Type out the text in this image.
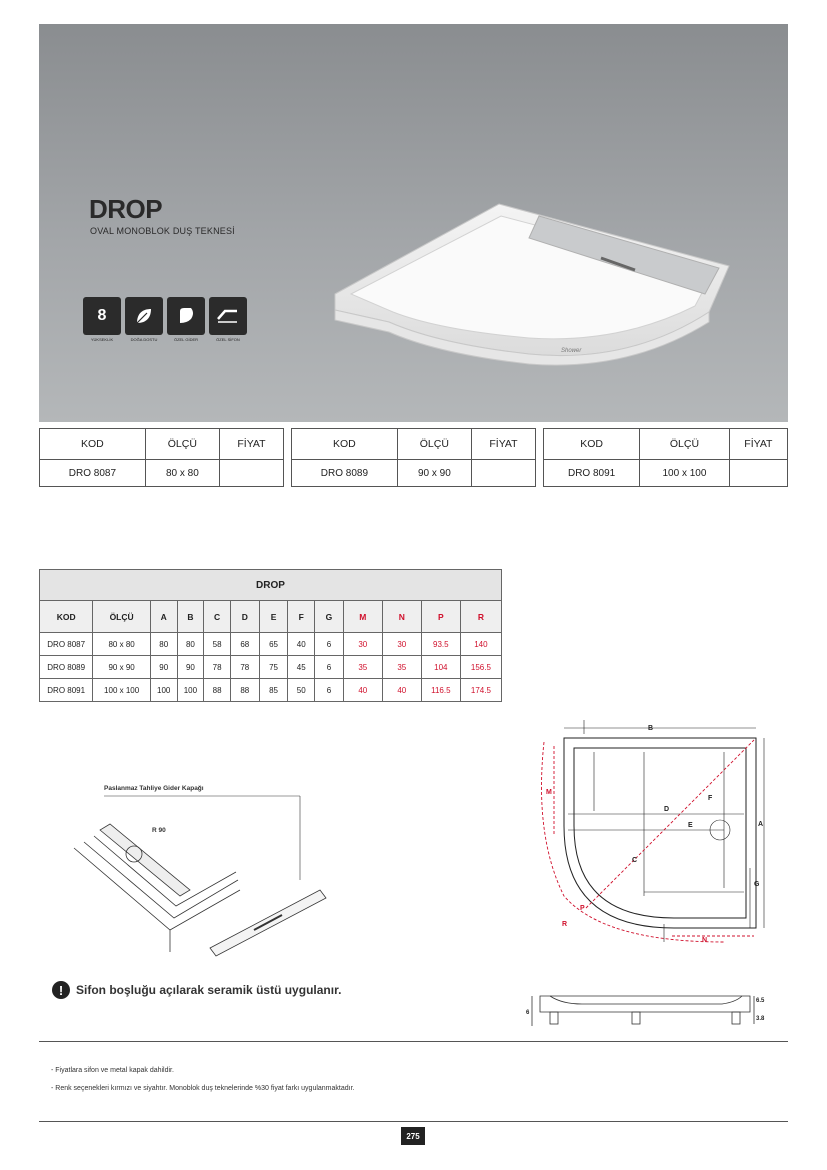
DROP
OVAL MONOBLOK DUŞ TEKNESİ
8
YÜKSEKLİK	DOĞA DOSTU	ÖZEL GİDER	ÖZEL SİFON
Shower
KOD	ÖLÇÜ	FİYAT
DRO 8087	80 x 80	
KOD	ÖLÇÜ	FİYAT
DRO 8089	90 x 90	
KOD	ÖLÇÜ	FİYAT
DRO 8091	100 x 100	
DROP												
KOD	ÖLÇÜ	A	B	C	D	E	F	G	M	N	P	R
DRO 8087	80 x 80	80	80	58	68	65	40	6	30	30	93.5	140
DRO 8089	90 x 90	90	90	78	78	75	45	6	35	35	104	156.5
DRO 8091	100 x 100	100	100	88	88	85	50	6	40	40	116.5	174.5
B
A
C
D
E
F
G
M
N
P
R
Paslanmaz Tahliye Gider Kapağı
R 90
!	Sifon boşluğu açılarak seramik üstü uygulanır.
6
3.8
6.5
- Fiyatlara sifon ve metal kapak dahildir.
- Renk seçenekleri kırmızı ve siyahtır. Monoblok duş teknelerinde %30 fiyat farkı uygulanmaktadır.
275
